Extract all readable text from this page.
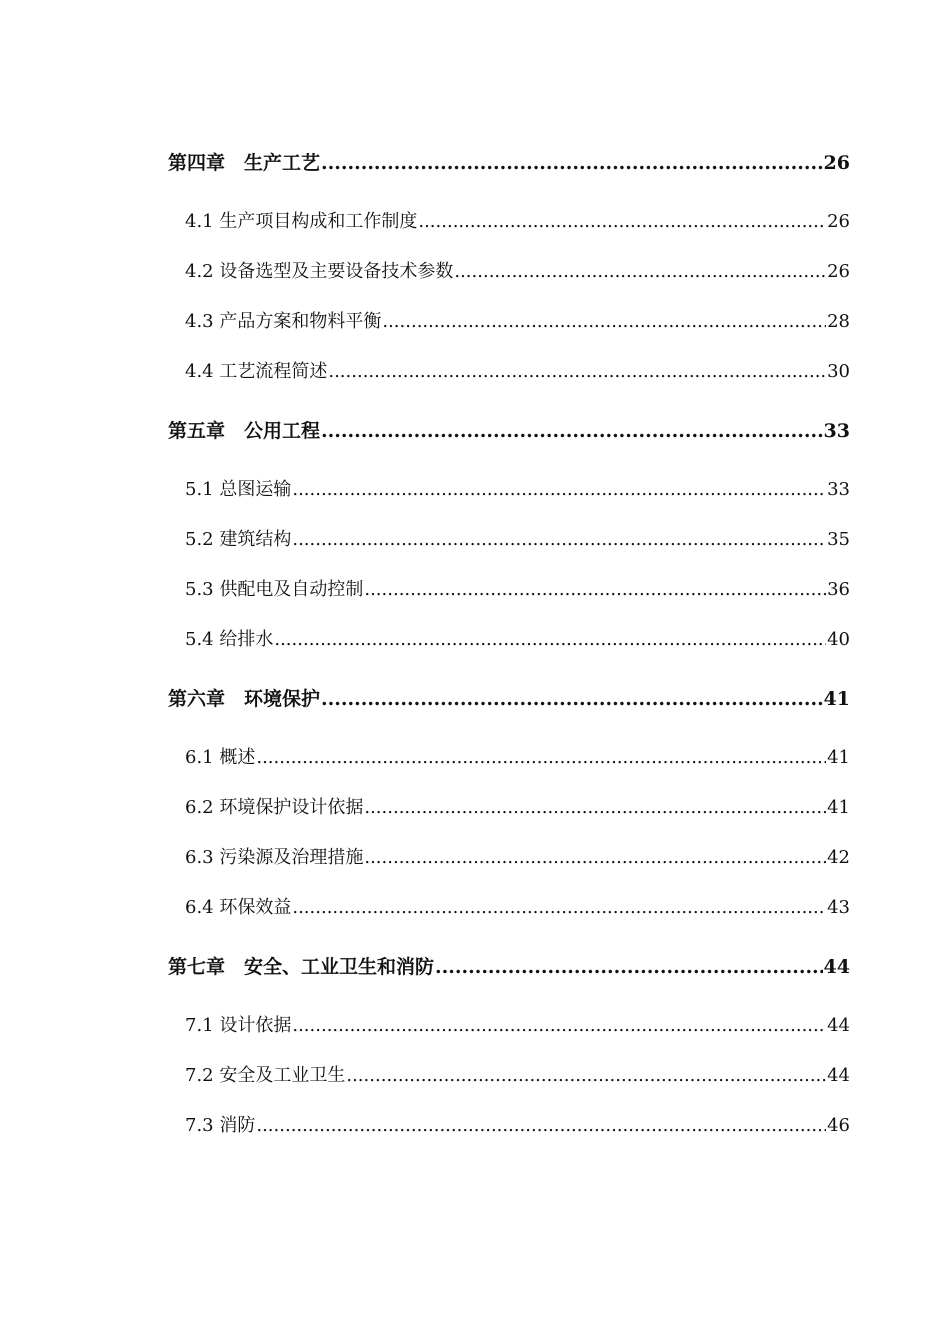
第四章　生产工艺 .....	26
4.1 生产项目构成和工作制度 .....	26
4.2 设备选型及主要设备技术参数 .....	26
4.3 产品方案和物料平衡 .....	28
4.4 工艺流程简述 .....	30
第五章　公用工程 .....	33
5.1 总图运输 .....	33
5.2 建筑结构 .....	35
5.3 供配电及自动控制 .....	36
5.4 给排水 .....	40
第六章　环境保护 .....	41
6.1 概述 .....	41
6.2 环境保护设计依据 .....	41
6.3 污染源及治理措施 .....	42
6.4 环保效益 .....	43
第七章　安全、工业卫生和消防 .....	44
7.1 设计依据 .....	44
7.2 安全及工业卫生 .....	44
7.3 消防 .....	46
